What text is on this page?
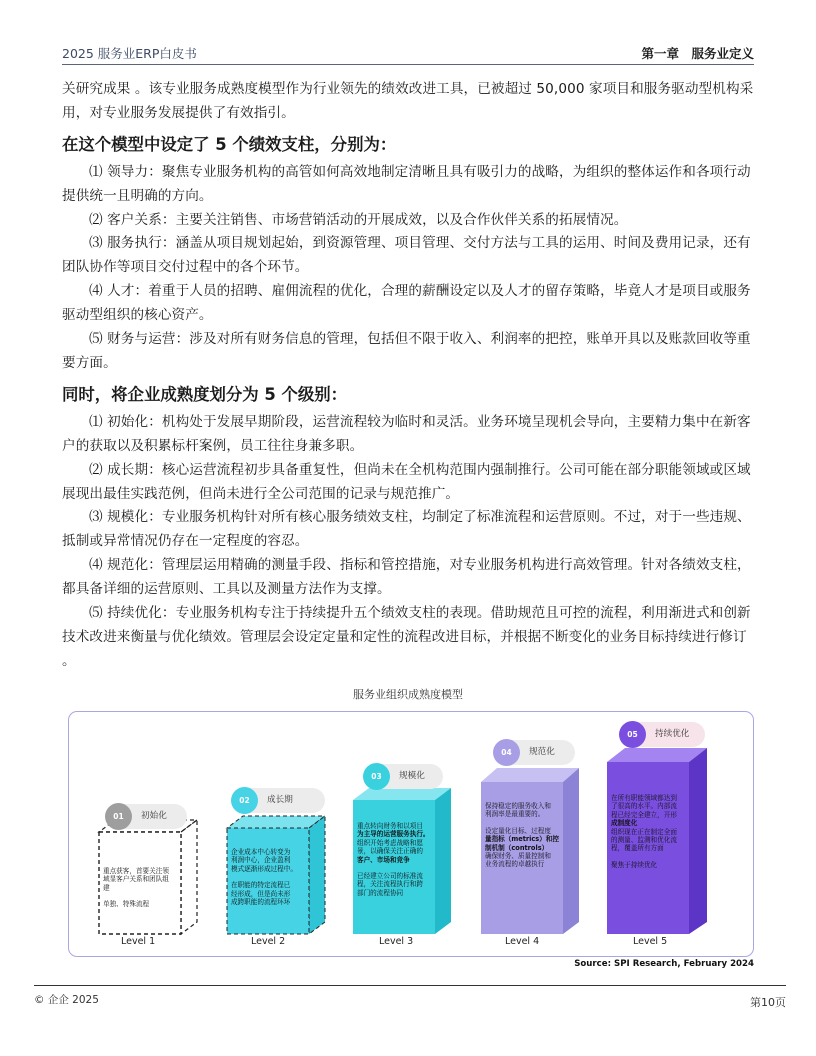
2025 服务业ERP白皮书	第一章　服务业定义

关研究成果 。该专业服务成熟度模型作为行业领先的绩效改进工具，已被超过 50,000 家项目和服务驱动型机构采用，对专业服务发展提供了有效指引。

在这个模型中设定了 5 个绩效支柱，分别为：

⑴ 领导力：聚焦专业服务机构的高管如何高效地制定清晰且具有吸引力的战略，为组织的整体运作和各项行动提供统一且明确的方向。

⑵ 客户关系：主要关注销售、市场营销活动的开展成效，以及合作伙伴关系的拓展情况。

⑶ 服务执行：涵盖从项目规划起始，到资源管理、项目管理、交付方法与工具的运用、时间及费用记录，还有团队协作等项目交付过程中的各个环节。

⑷ 人才：着重于人员的招聘、雇佣流程的优化，合理的薪酬设定以及人才的留存策略，毕竟人才是项目或服务驱动型组织的核心资产。

⑸ 财务与运营：涉及对所有财务信息的管理，包括但不限于收入、利润率的把控，账单开具以及账款回收等重要方面。

同时，将企业成熟度划分为 5 个级别：

⑴ 初始化：机构处于发展早期阶段，运营流程较为临时和灵活。业务环境呈现机会导向，主要精力集中在新客户的获取以及积累标杆案例，员工往往身兼多职。

⑵ 成长期：核心运营流程初步具备重复性，但尚未在全机构范围内强制推行。公司可能在部分职能领域或区域展现出最佳实践范例，但尚未进行全公司范围的记录与规范推广。

⑶ 规模化：专业服务机构针对所有核心服务绩效支柱，均制定了标准流程和运营原则。不过，对于一些违规、抵制或异常情况仍存在一定程度的容忍。

⑷ 规范化：管理层运用精确的测量手段、指标和管控措施，对专业服务机构进行高效管理。针对各绩效支柱，都具备详细的运营原则、工具以及测量方法作为支撑。

⑸ 持续优化：专业服务机构专注于持续提升五个绩效支柱的表现。借助规范且可控的流程，利用渐进式和创新技术改进来衡量与优化绩效。管理层会设定定量和定性的流程改进目标，并根据不断变化的业务目标持续进行修订 。

服务业组织成熟度模型
01	初始化
02	成长期
03	规模化
04	规范化
05	持续优化
重点获客，首要关注领
域显客户关系和团队组
建
单独、特殊流程
企业成本中心转变为
利润中心，企业盈利
模式逐渐形成过程中。
在职能的特定流程已
经形成，但是尚未形
成跨职能的流程环环
重点转向财务和以项目
为主导的运营服务执行。
组织开始考虑战略和愿
景，以确保关注正确的
客户、市场和竞争
已经建立公司的标准流
程，关注流程执行和跨
部门的流程协同
保持稳定的服务收入和
利润率是最重要的。
设定量化目标、过程度
量指标（metrics）和控
制机制（controls）
确保财务、质量控制和
业务流程的卓越执行
在所有职能领域都达到
了很高的水平。内部流
程已经完全建立，开形
成制度化
组织现在正在制定全面
的测量、监测和优化流
程，覆盖所有方面
聚焦于持续优化
Level 1	Level 2	Level 3	Level 4	Level 5
Source: SPI Research, February 2024
© 企企 2025	第10页
